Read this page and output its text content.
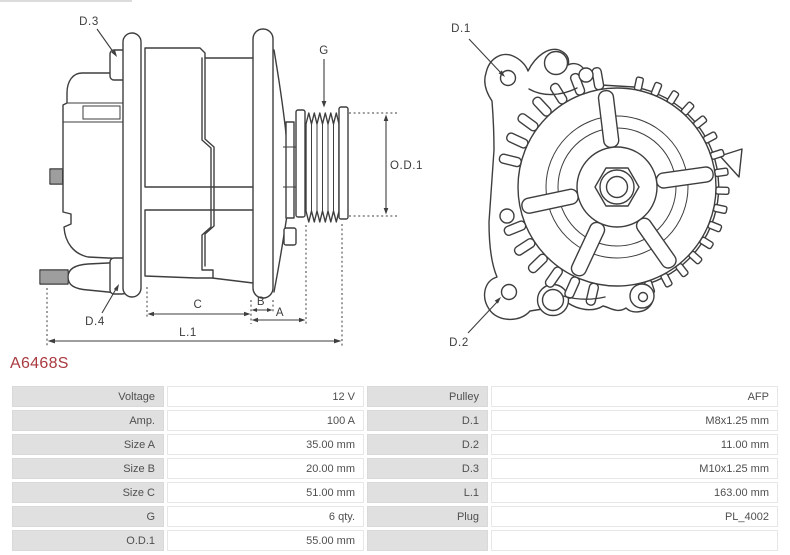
D.3
G
O.D.1
D.4
C	B
A
L.1
D.1
D.2
A6468S
Voltage	12 V	Pulley	AFP
Amp.	100 A	D.1	M8x1.25 mm
Size A	35.00 mm	D.2	11.00 mm
Size B	20.00 mm	D.3	M10x1.25 mm
Size C	51.00 mm	L.1	163.00 mm
G	6 qty.	Plug	PL_4002
O.D.1	55.00 mm		
